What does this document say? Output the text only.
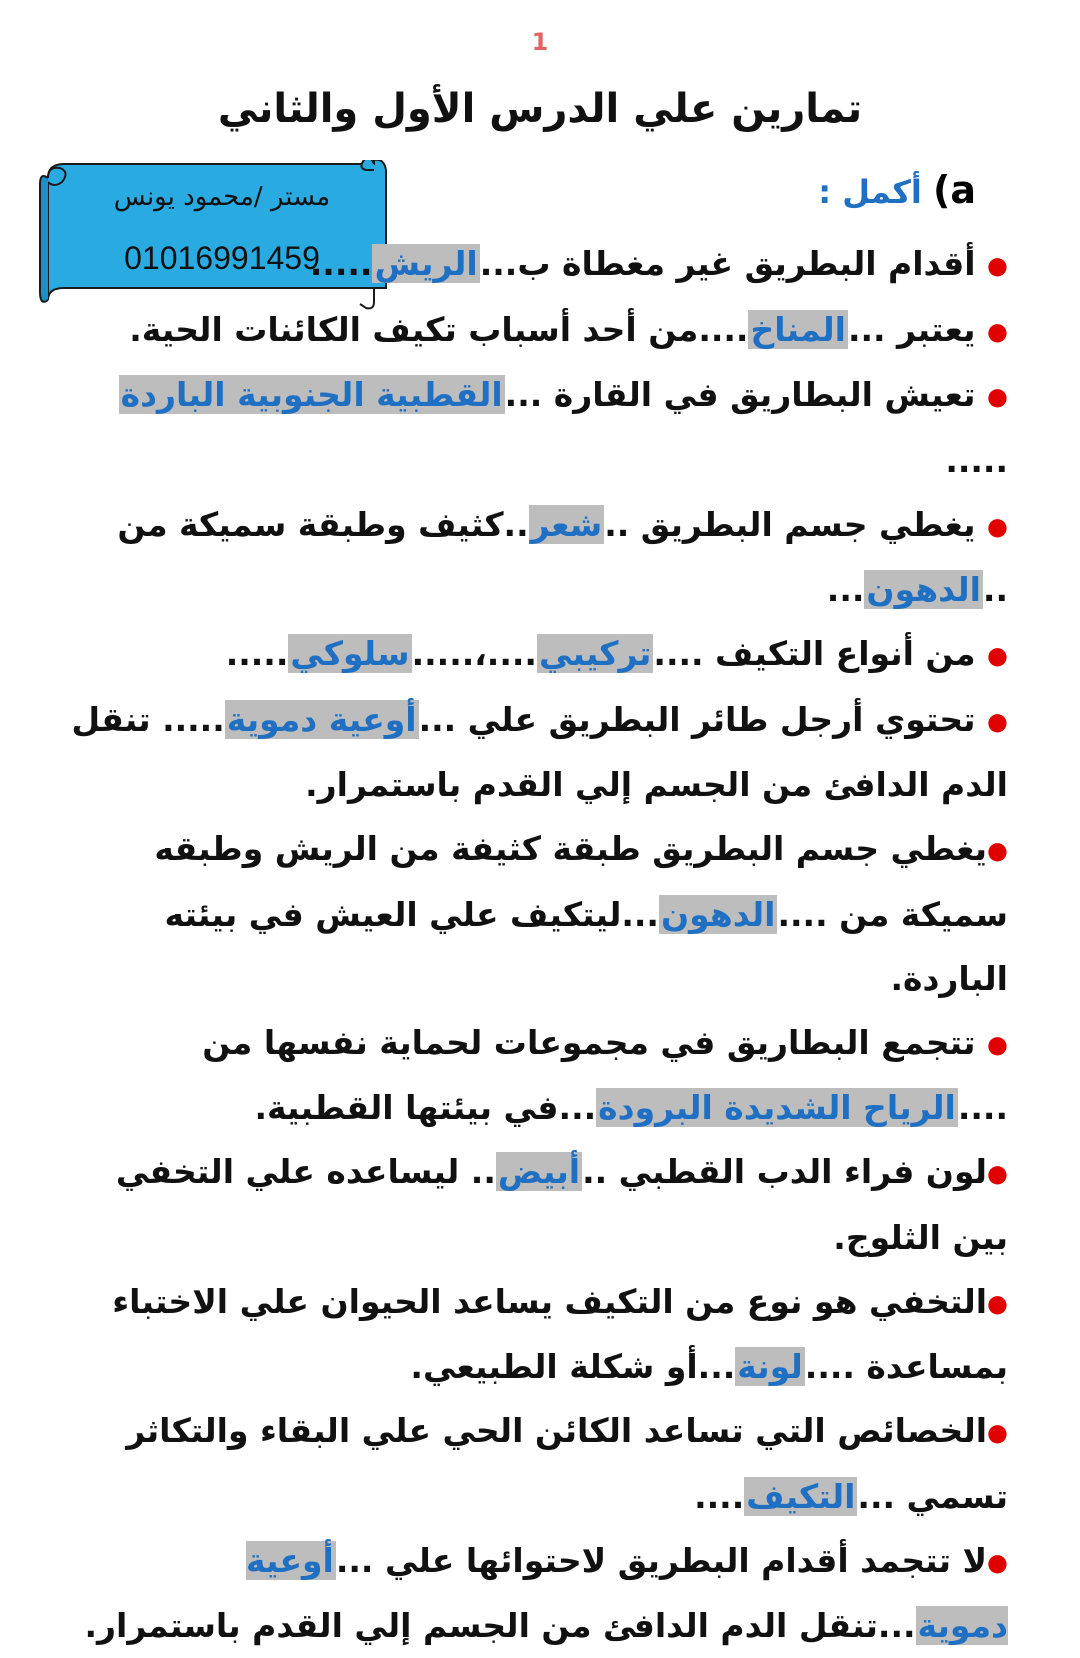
1
تمارين علي الدرس الأول والثاني
مستر /محمود يونس
01016991459
a) أكمل :

● أقدام البطريق غير مغطاة ب...الريش.....

● يعتبر ...المناخ....من أحد أسباب تكيف الكائنات الحية.

● تعيش البطاريق في القارة ...القطبية الجنوبية الباردة .....

● يغطي جسم البطريق ..شعر..كثيف وطبقة سميكة من ..الدهون...

● من أنواع التكيف ....تركيبي....،.....سلوكي.....

● تحتوي أرجل طائر البطريق علي ...أوعية دموية..... تنقل الدم الدافئ من الجسم إلي القدم باستمرار.

●يغطي جسم البطريق طبقة كثيفة من الريش وطبقه سميكة من ....الدهون...ليتكيف علي العيش في بيئته الباردة.

● تتجمع البطاريق في مجموعات لحماية نفسها من ....الرياح الشديدة البرودة...في بيئتها القطبية.

●لون فراء الدب القطبي ..أبيض.. ليساعده علي التخفي بين الثلوج.

●التخفي هو نوع من التكيف يساعد الحيوان علي الاختباء بمساعدة ....لونة...أو شكلة الطبيعي.

●الخصائص التي تساعد الكائن الحي علي البقاء والتكاثر تسمي ...التكيف....

●لا تتجمد أقدام البطريق لاحتوائها علي ...أوعية دموية...تنقل الدم الدافئ من الجسم إلي القدم باستمرار.
